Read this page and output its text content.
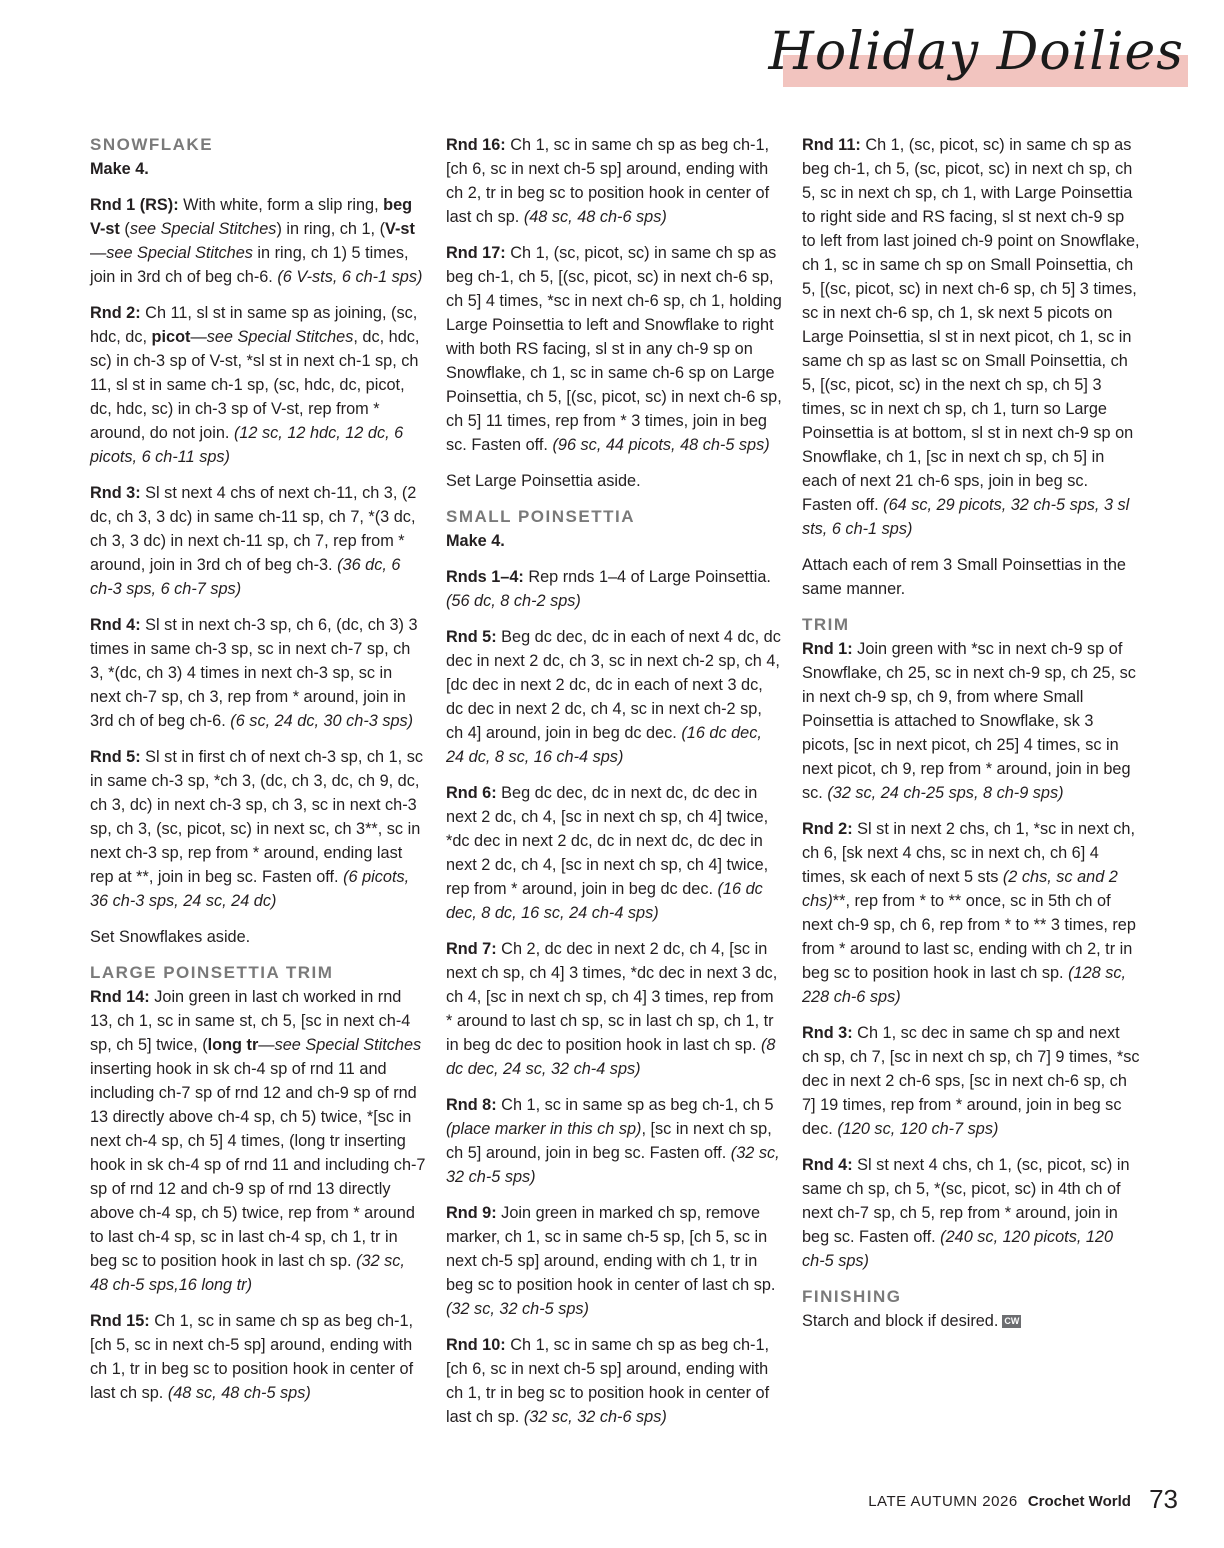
Holiday Doilies

SNOWFLAKE

Make 4.

Rnd 1 (RS): With white, form a slip ring, beg V-st (see Special Stitches) in ring, ch 1, (V-st—see Special Stitches in ring, ch 1) 5 times, join in 3rd ch of beg ch-6. (6 V-sts, 6 ch-1 sps)

Rnd 2: Ch 11, sl st in same sp as joining, (sc, hdc, dc, picot—see Special Stitches, dc, hdc, sc) in ch-3 sp of V-st, *sl st in next ch-1 sp, ch 11, sl st in same ch-1 sp, (sc, hdc, dc, picot, dc, hdc, sc) in ch-3 sp of V-st, rep from * around, do not join. (12 sc, 12 hdc, 12 dc, 6 picots, 6 ch-11 sps)

Rnd 3: Sl st next 4 chs of next ch-11, ch 3, (2 dc, ch 3, 3 dc) in same ch-11 sp, ch 7, *(3 dc, ch 3, 3 dc) in next ch-11 sp, ch 7, rep from * around, join in 3rd ch of beg ch-3. (36 dc, 6 ch-3 sps, 6 ch-7 sps)

Rnd 4: Sl st in next ch-3 sp, ch 6, (dc, ch 3) 3 times in same ch-3 sp, sc in next ch-7 sp, ch 3, *(dc, ch 3) 4 times in next ch-3 sp, sc in next ch-7 sp, ch 3, rep from * around, join in 3rd ch of beg ch-6. (6 sc, 24 dc, 30 ch-3 sps)

Rnd 5: Sl st in first ch of next ch-3 sp, ch 1, sc in same ch-3 sp, *ch 3, (dc, ch 3, dc, ch 9, dc, ch 3, dc) in next ch-3 sp, ch 3, sc in next ch-3 sp, ch 3, (sc, picot, sc) in next sc, ch 3**, sc in next ch-3 sp, rep from * around, ending last rep at **, join in beg sc. Fasten off. (6 picots, 36 ch-3 sps, 24 sc, 24 dc)

Set Snowflakes aside.

LARGE POINSETTIA TRIM

Rnd 14: Join green in last ch worked in rnd 13, ch 1, sc in same st, ch 5, [sc in next ch-4 sp, ch 5] twice, (long tr—see Special Stitches inserting hook in sk ch-4 sp of rnd 11 and including ch-7 sp of rnd 12 and ch-9 sp of rnd 13 directly above ch-4 sp, ch 5) twice, *[sc in next ch-4 sp, ch 5] 4 times, (long tr inserting hook in sk ch-4 sp of rnd 11 and including ch-7 sp of rnd 12 and ch-9 sp of rnd 13 directly above ch-4 sp, ch 5) twice, rep from * around to last ch-4 sp, sc in last ch-4 sp, ch 1, tr in beg sc to position hook in last ch sp. (32 sc, 48 ch-5 sps,16 long tr)

Rnd 15: Ch 1, sc in same ch sp as beg ch-1, [ch 5, sc in next ch-5 sp] around, ending with ch 1, tr in beg sc to position hook in center of last ch sp. (48 sc, 48 ch-5 sps)

Rnd 16: Ch 1, sc in same ch sp as beg ch-1, [ch 6, sc in next ch-5 sp] around, ending with ch 2, tr in beg sc to position hook in center of last ch sp. (48 sc, 48 ch-6 sps)

Rnd 17: Ch 1, (sc, picot, sc) in same ch sp as beg ch-1, ch 5, [(sc, picot, sc) in next ch-6 sp, ch 5] 4 times, *sc in next ch-6 sp, ch 1, holding Large Poinsettia to left and Snowflake to right with both RS facing, sl st in any ch-9 sp on Snowflake, ch 1, sc in same ch-6 sp on Large Poinsettia, ch 5, [(sc, picot, sc) in next ch-6 sp, ch 5] 11 times, rep from * 3 times, join in beg sc. Fasten off. (96 sc, 44 picots, 48 ch-5 sps)

Set Large Poinsettia aside.

SMALL POINSETTIA

Make 4.

Rnds 1–4: Rep rnds 1–4 of Large Poinsettia. (56 dc, 8 ch-2 sps)

Rnd 5: Beg dc dec, dc in each of next 4 dc, dc dec in next 2 dc, ch 3, sc in next ch-2 sp, ch 4, [dc dec in next 2 dc, dc in each of next 3 dc, dc dec in next 2 dc, ch 4, sc in next ch-2 sp, ch 4] around, join in beg dc dec. (16 dc dec, 24 dc, 8 sc, 16 ch-4 sps)

Rnd 6: Beg dc dec, dc in next dc, dc dec in next 2 dc, ch 4, [sc in next ch sp, ch 4] twice, *dc dec in next 2 dc, dc in next dc, dc dec in next 2 dc, ch 4, [sc in next ch sp, ch 4] twice, rep from * around, join in beg dc dec. (16 dc dec, 8 dc, 16 sc, 24 ch-4 sps)

Rnd 7: Ch 2, dc dec in next 2 dc, ch 4, [sc in next ch sp, ch 4] 3 times, *dc dec in next 3 dc, ch 4, [sc in next ch sp, ch 4] 3 times, rep from * around to last ch sp, sc in last ch sp, ch 1, tr in beg dc dec to position hook in last ch sp. (8 dc dec, 24 sc, 32 ch-4 sps)

Rnd 8: Ch 1, sc in same sp as beg ch-1, ch 5 (place marker in this ch sp), [sc in next ch sp, ch 5] around, join in beg sc. Fasten off. (32 sc, 32 ch-5 sps)

Rnd 9: Join green in marked ch sp, remove marker, ch 1, sc in same ch-5 sp, [ch 5, sc in next ch-5 sp] around, ending with ch 1, tr in beg sc to position hook in center of last ch sp. (32 sc, 32 ch-5 sps)

Rnd 10: Ch 1, sc in same ch sp as beg ch-1, [ch 6, sc in next ch-5 sp] around, ending with ch 1, tr in beg sc to position hook in center of last ch sp. (32 sc, 32 ch-6 sps)

Rnd 11: Ch 1, (sc, picot, sc) in same ch sp as beg ch-1, ch 5, (sc, picot, sc) in next ch sp, ch 5, sc in next ch sp, ch 1, with Large Poinsettia to right side and RS facing, sl st next ch-9 sp to left from last joined ch-9 point on Snowflake, ch 1, sc in same ch sp on Small Poinsettia, ch 5, [(sc, picot, sc) in next ch-6 sp, ch 5] 3 times, sc in next ch-6 sp, ch 1, sk next 5 picots on Large Poinsettia, sl st in next picot, ch 1, sc in same ch sp as last sc on Small Poinsettia, ch 5, [(sc, picot, sc) in the next ch sp, ch 5] 3 times, sc in next ch sp, ch 1, turn so Large Poinsettia is at bottom, sl st in next ch-9 sp on Snowflake, ch 1, [sc in next ch sp, ch 5] in each of next 21 ch-6 sps, join in beg sc. Fasten off. (64 sc, 29 picots, 32 ch-5 sps, 3 sl sts, 6 ch-1 sps)

Attach each of rem 3 Small Poinsettias in the same manner.

TRIM

Rnd 1: Join green with *sc in next ch-9 sp of Snowflake, ch 25, sc in next ch-9 sp, ch 25, sc in next ch-9 sp, ch 9, from where Small Poinsettia is attached to Snowflake, sk 3 picots, [sc in next picot, ch 25] 4 times, sc in next picot, ch 9, rep from * around, join in beg sc. (32 sc, 24 ch-25 sps, 8 ch-9 sps)

Rnd 2: Sl st in next 2 chs, ch 1, *sc in next ch, ch 6, [sk next 4 chs, sc in next ch, ch 6] 4 times, sk each of next 5 sts (2 chs, sc and 2 chs)**, rep from * to ** once, sc in 5th ch of next ch-9 sp, ch 6, rep from * to ** 3 times, rep from * around to last sc, ending with ch 2, tr in beg sc to position hook in last ch sp. (128 sc, 228 ch-6 sps)

Rnd 3: Ch 1, sc dec in same ch sp and next ch sp, ch 7, [sc in next ch sp, ch 7] 9 times, *sc dec in next 2 ch-6 sps, [sc in next ch-6 sp, ch 7] 19 times, rep from * around, join in beg sc dec. (120 sc, 120 ch-7 sps)

Rnd 4: Sl st next 4 chs, ch 1, (sc, picot, sc) in same ch sp, ch 5, *(sc, picot, sc) in 4th ch of next ch-7 sp, ch 5, rep from * around, join in beg sc. Fasten off. (240 sc, 120 picots, 120 ch-5 sps)

FINISHING

Starch and block if desired. CW

LATE AUTUMN 2026 Crochet World 73
